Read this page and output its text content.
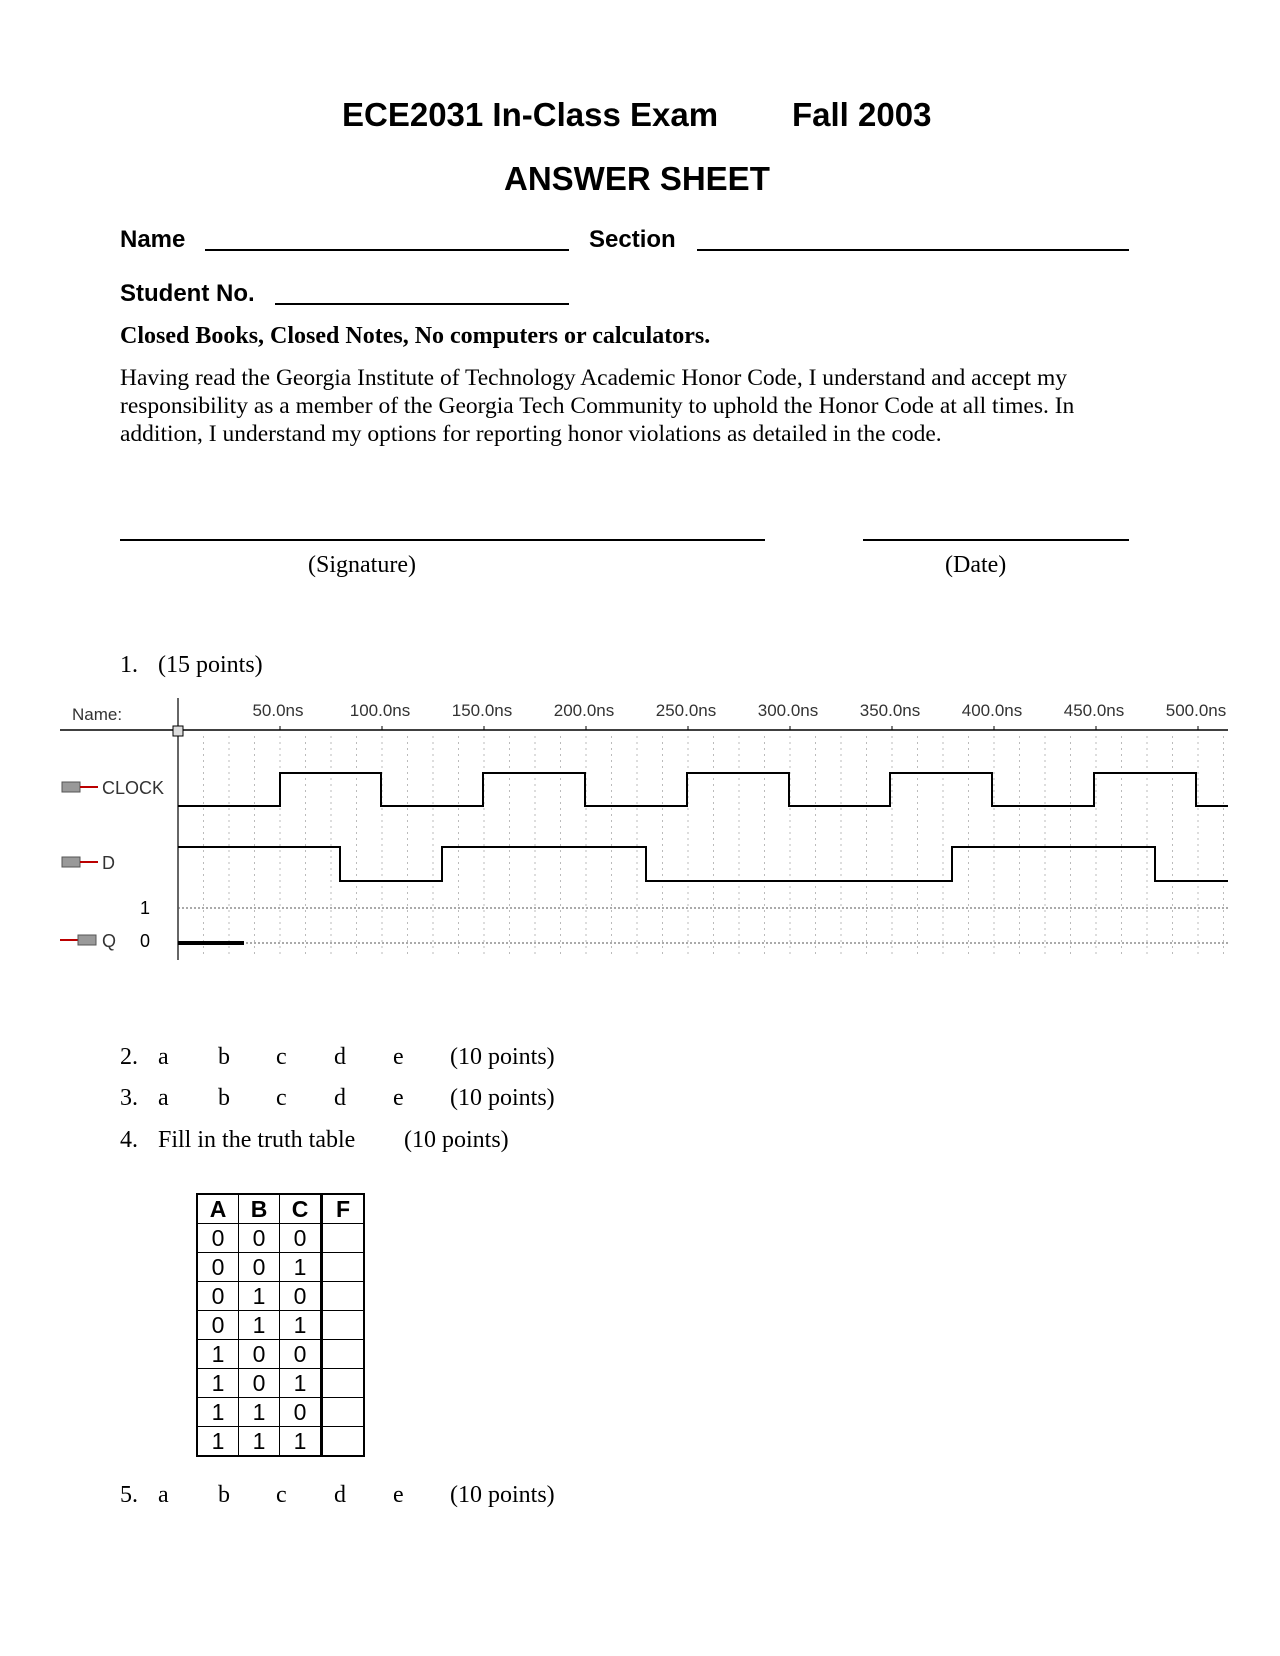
ECE2031 In-Class Exam Fall 2003
ANSWER SHEET
Name	Section
Student No.
Closed Books, Closed Notes, No computers or calculators.
Having read the Georgia Institute of Technology Academic Honor Code, I understand and accept my responsibility as a member of the Georgia Tech Community to uphold the Honor Code at all times. In addition, I understand my options for reporting honor violations as detailed in the code.
(Signature)	(Date)
1. (15 points)
Name:	50.0ns	100.0ns 150.0ns 200.0ns 250.0ns 300.0ns 350.0ns 400.0ns 450.0ns 500.0ns
CLOCK
D
Q
1
0
2. a b c d e (10 points)
3. a b c d e (10 points)
4. Fill in the truth table (10 points)
A	B	C	F
0	0	0	
0	0	1	
0	1	0	
0	1	1	
1	0	0	
1	0	1	
1	1	0	
1	1	1	
5. a b c d e (10 points)
